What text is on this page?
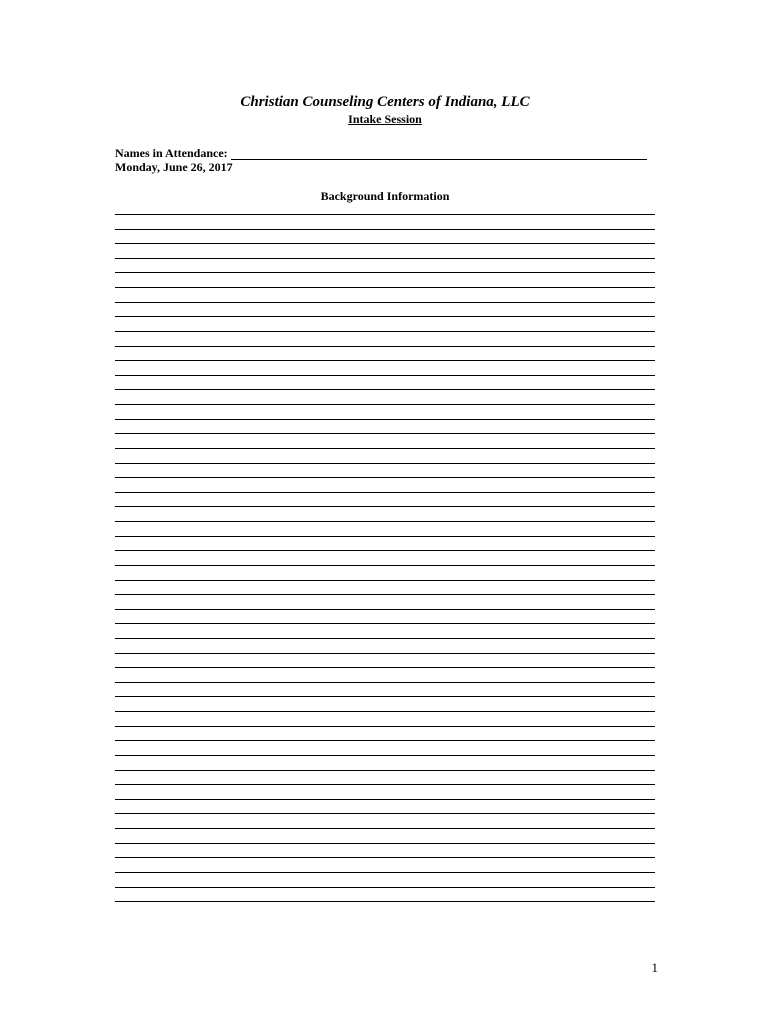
Christian Counseling Centers of Indiana, LLC

Intake Session

Names in Attendance:

Monday, June 26, 2017

Background Information

1
